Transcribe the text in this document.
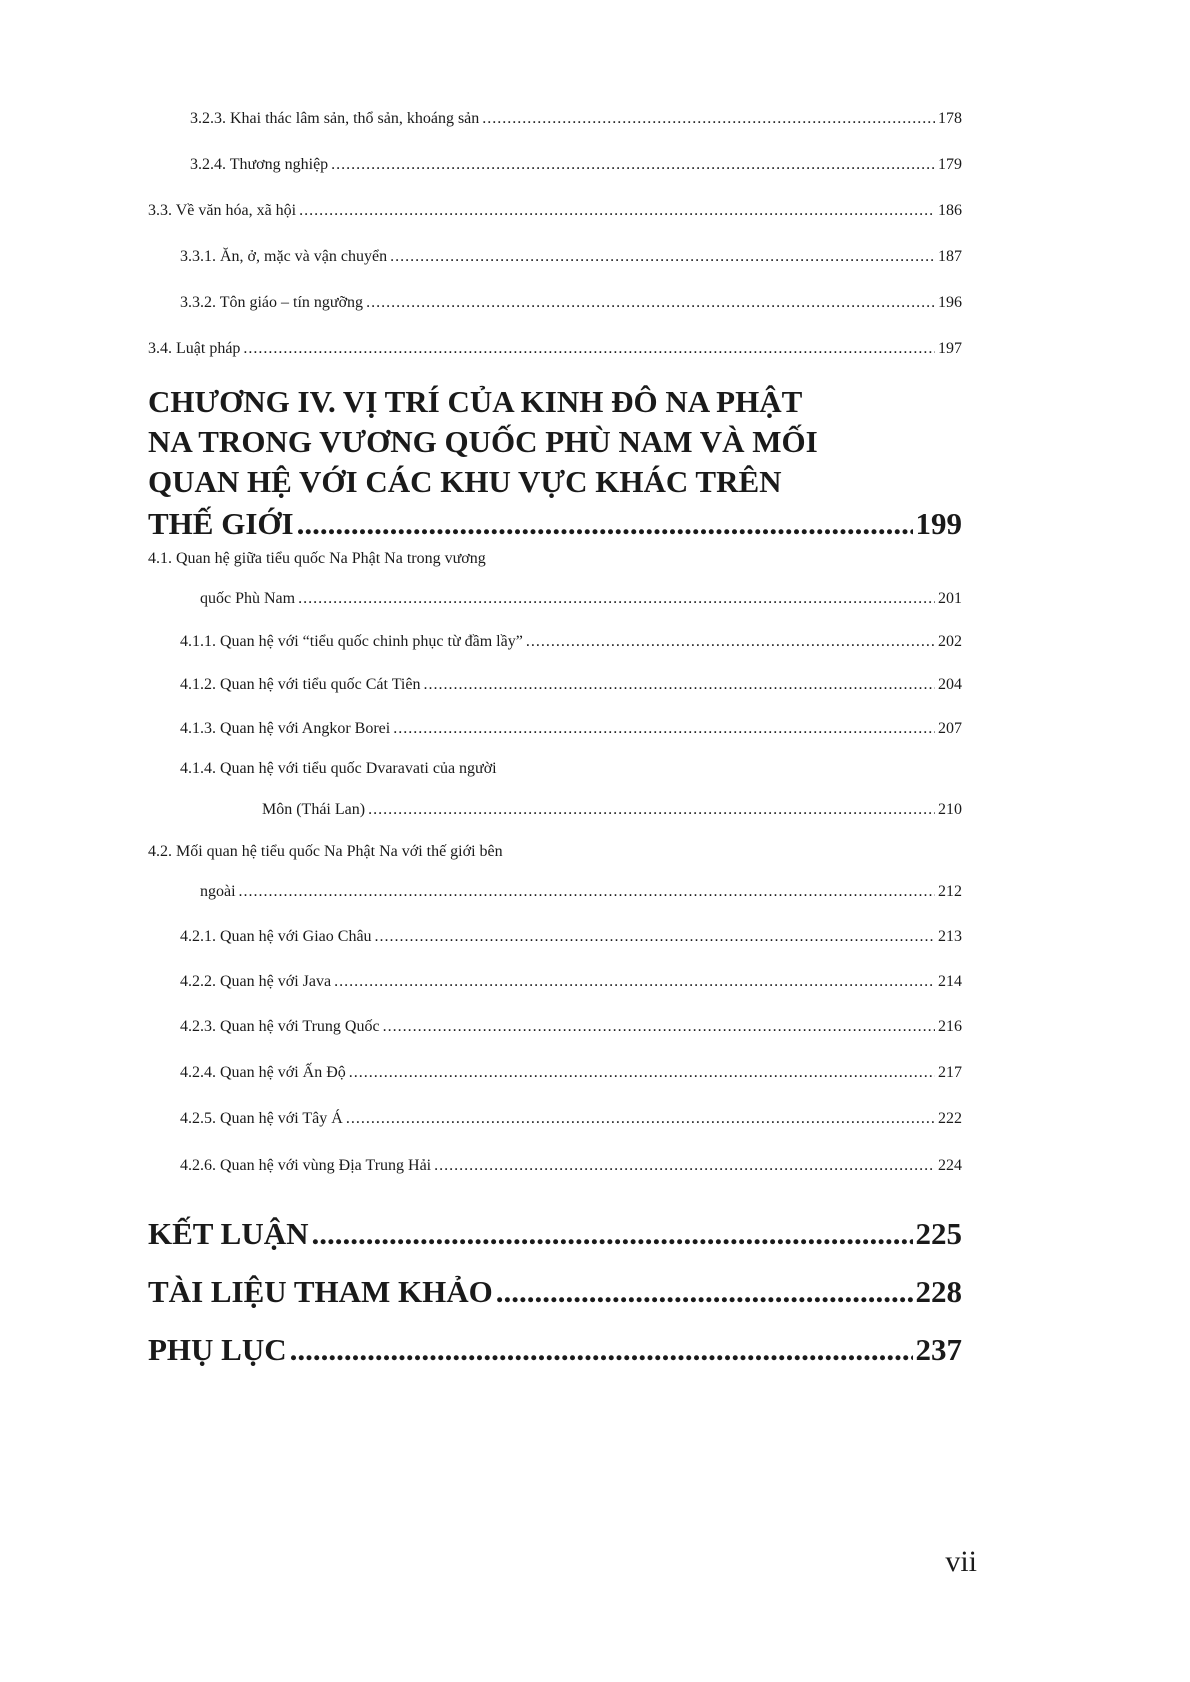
3.2.3. Khai thác lâm sản, thổ sản, khoáng sản .....	178
3.2.4. Thương nghiệp .....	179
3.3. Về văn hóa, xã hội .....	186
3.3.1. Ăn, ở, mặc và vận chuyển .....	187
3.3.2. Tôn giáo – tín ngưỡng .....	196
3.4. Luật pháp .....	197
CHƯƠNG IV. VỊ TRÍ CỦA KINH ĐÔ NA PHẬT
NA TRONG VƯƠNG QUỐC PHÙ NAM VÀ MỐI
QUAN HỆ VỚI CÁC KHU VỰC KHÁC TRÊN
THẾ GIỚI .....	199
4.1. Quan hệ giữa tiểu quốc Na Phật Na trong vương
quốc Phù Nam .....	201
4.1.1. Quan hệ với “tiểu quốc chinh phục từ đầm lầy” .....	202
4.1.2. Quan hệ với tiểu quốc Cát Tiên .....	204
4.1.3. Quan hệ với Angkor Borei .....	207
4.1.4. Quan hệ với tiểu quốc Dvaravati của người
Môn (Thái Lan) .....	210
4.2. Mối quan hệ tiểu quốc Na Phật Na với thế giới bên
ngoài .....	212
4.2.1. Quan hệ với Giao Châu .....	213
4.2.2. Quan hệ với Java .....	214
4.2.3. Quan hệ với Trung Quốc .....	216
4.2.4. Quan hệ với Ấn Độ .....	217
4.2.5. Quan hệ với Tây Á .....	222
4.2.6. Quan hệ với vùng Địa Trung Hải .....	224
KẾT LUẬN .....	225
TÀI LIỆU THAM KHẢO .....	228
PHỤ LỤC .....	237
vii
